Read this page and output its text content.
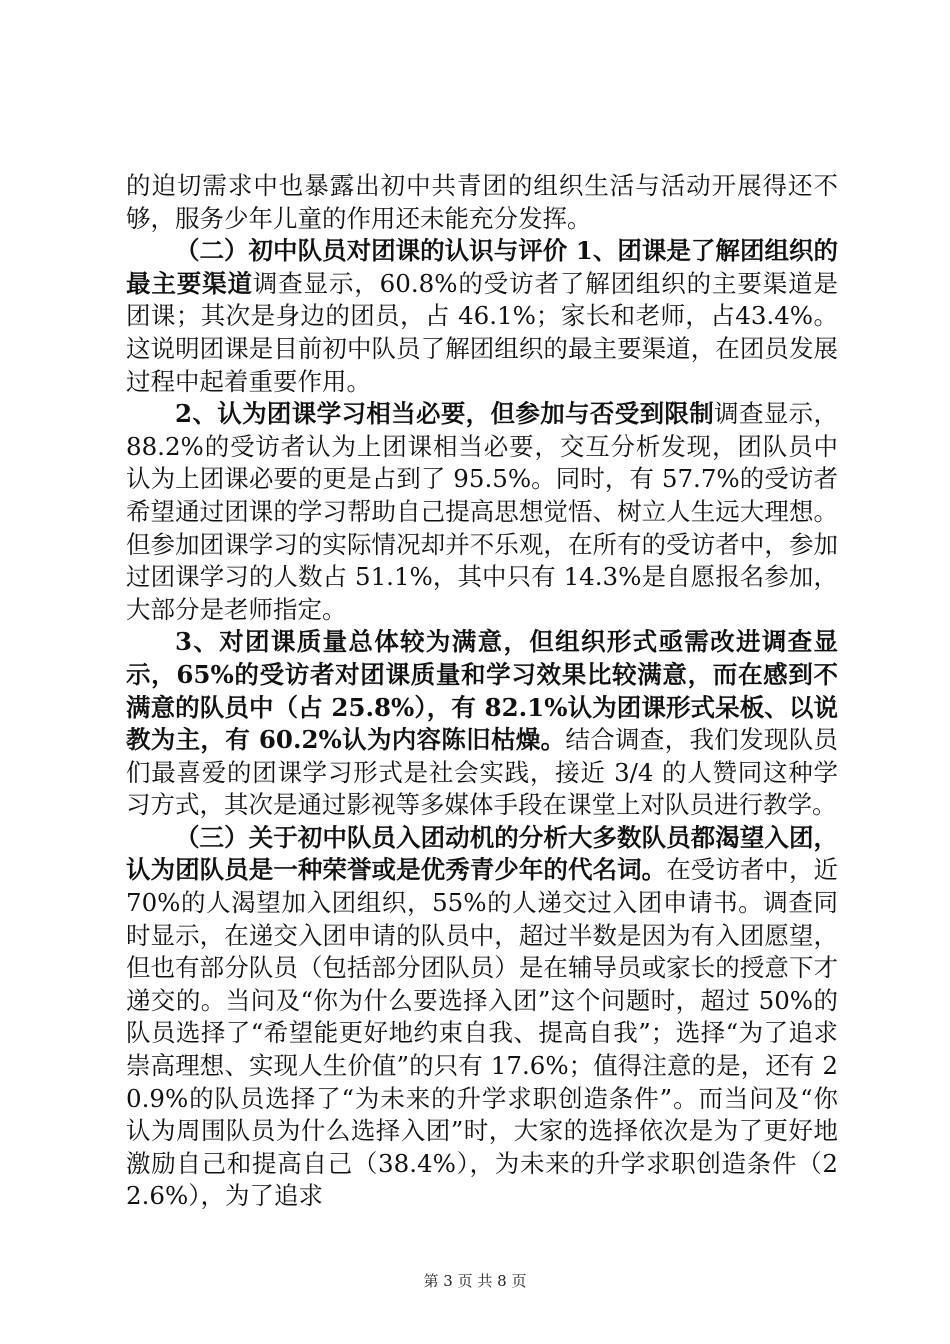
的迫切需求中也暴露出初中共青团的组织生活与活动开展得还不够，服务少年儿童的作用还未能充分发挥。

（二）初中队员对团课的认识与评价 1、团课是了解团组织的最主要渠道调查显示，60.8%的受访者了解团组织的主要渠道是团课；其次是身边的团员，占 46.1%；家长和老师，占43.4%。这说明团课是目前初中队员了解团组织的最主要渠道，在团员发展过程中起着重要作用。

2、认为团课学习相当必要，但参加与否受到限制调查显示，88.2%的受访者认为上团课相当必要，交互分析发现，团队员中认为上团课必要的更是占到了 95.5%。同时，有 57.7%的受访者希望通过团课的学习帮助自己提高思想觉悟、树立人生远大理想。但参加团课学习的实际情况却并不乐观，在所有的受访者中，参加过团课学习的人数占 51.1%，其中只有 14.3%是自愿报名参加，大部分是老师指定。

3、对团课质量总体较为满意，但组织形式亟需改进调查显示，65%的受访者对团课质量和学习效果比较满意，而在感到不满意的队员中（占 25.8%），有 82.1%认为团课形式呆板、以说教为主，有 60.2%认为内容陈旧枯燥。结合调查，我们发现队员们最喜爱的团课学习形式是社会实践，接近 3/4 的人赞同这种学习方式，其次是通过影视等多媒体手段在课堂上对队员进行教学。

（三）关于初中队员入团动机的分析大多数队员都渴望入团，认为团队员是一种荣誉或是优秀青少年的代名词。在受访者中，近 70%的人渴望加入团组织，55%的人递交过入团申请书。调查同时显示，在递交入团申请的队员中，超过半数是因为有入团愿望，但也有部分队员（包括部分团队员）是在辅导员或家长的授意下才递交的。当问及“你为什么要选择入团”这个问题时，超过 50%的队员选择了“希望能更好地约束自我、提高自我”；选择“为了追求崇高理想、实现人生价值”的只有 17.6%；值得注意的是，还有 20.9%的队员选择了“为未来的升学求职创造条件”。而当问及“你认为周围队员为什么选择入团”时，大家的选择依次是为了更好地激励自己和提高自己（38.4%），为未来的升学求职创造条件（22.6%），为了追求

第 3 页 共 8 页
